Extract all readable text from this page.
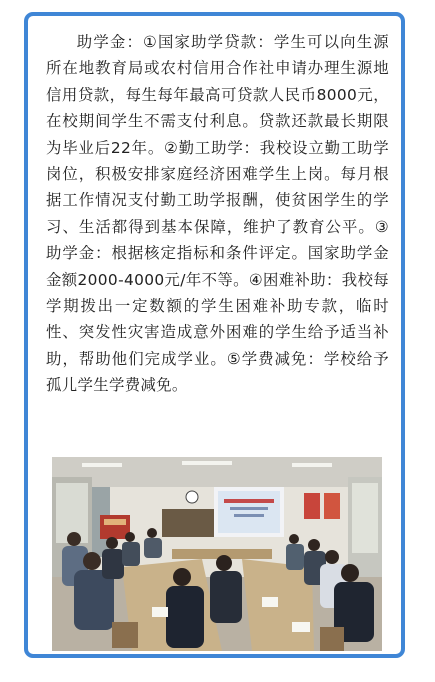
助学金：①国家助学贷款：学生可以向生源所在地教育局或农村信用合作社申请办理生源地信用贷款，每生每年最高可贷款人民币8000元，在校期间学生不需支付利息。贷款还款最长期限为毕业后22年。②勤工助学：我校设立勤工助学岗位，积极安排家庭经济困难学生上岗。每月根据工作情况支付勤工助学报酬，使贫困学生的学习、生活都得到基本保障，维护了教育公平。③助学金：根据核定指标和条件评定。国家助学金金额2000-4000元/年不等。④困难补助：我校每学期拨出一定数额的学生困难补助专款，临时性、突发性灾害造成意外困难的学生给予适当补助，帮助他们完成学业。⑤学费减免：学校给予孤儿学生学费减免。
